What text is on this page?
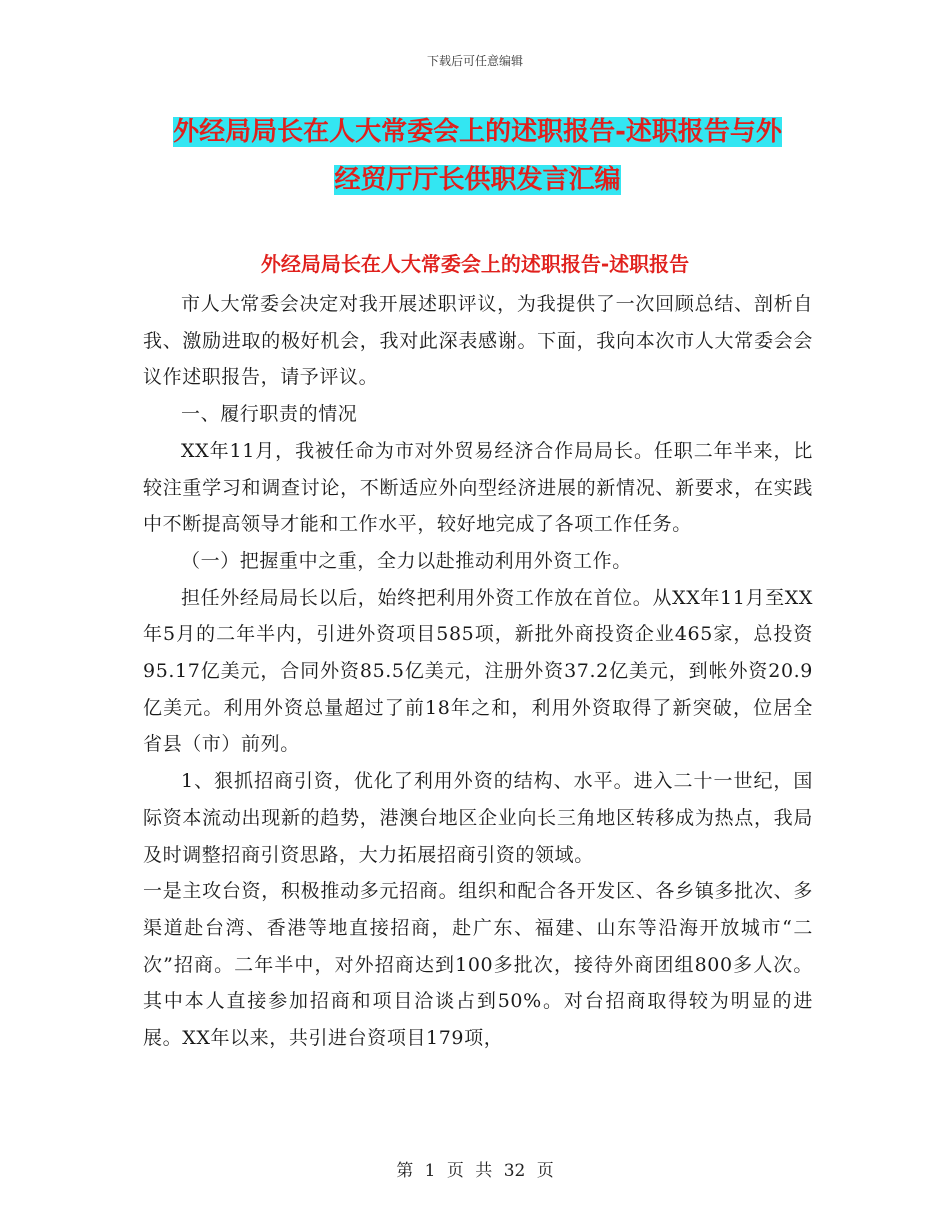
下载后可任意编辑
外经局局长在人大常委会上的述职报告-述职报告与外
经贸厅厅长供职发言汇编
外经局局长在人大常委会上的述职报告-述职报告

市人大常委会决定对我开展述职评议，为我提供了一次回顾总结、剖析自我、激励进取的极好机会，我对此深表感谢。下面，我向本次市人大常委会会议作述职报告，请予评议。

一、履行职责的情况

XX年11月，我被任命为市对外贸易经济合作局局长。任职二年半来，比较注重学习和调查讨论，不断适应外向型经济进展的新情况、新要求，在实践中不断提高领导才能和工作水平，较好地完成了各项工作任务。

（一）把握重中之重，全力以赴推动利用外资工作。

担任外经局局长以后，始终把利用外资工作放在首位。从XX年11月至XX年5月的二年半内，引进外资项目585项，新批外商投资企业465家，总投资95.17亿美元，合同外资85.5亿美元，注册外资37.2亿美元，到帐外资20.9亿美元。利用外资总量超过了前18年之和，利用外资取得了新突破，位居全省县（市）前列。

1、狠抓招商引资，优化了利用外资的结构、水平。进入二十一世纪，国际资本流动出现新的趋势，港澳台地区企业向长三角地区转移成为热点，我局及时调整招商引资思路，大力拓展招商引资的领域。

一是主攻台资，积极推动多元招商。组织和配合各开发区、各乡镇多批次、多渠道赴台湾、香港等地直接招商，赴广东、福建、山东等沿海开放城市“二次”招商。二年半中，对外招商达到100多批次，接待外商团组800多人次。其中本人直接参加招商和项目洽谈占到50%。对台招商取得较为明显的进展。XX年以来，共引进台资项目179项，

第 1 页 共 32 页
